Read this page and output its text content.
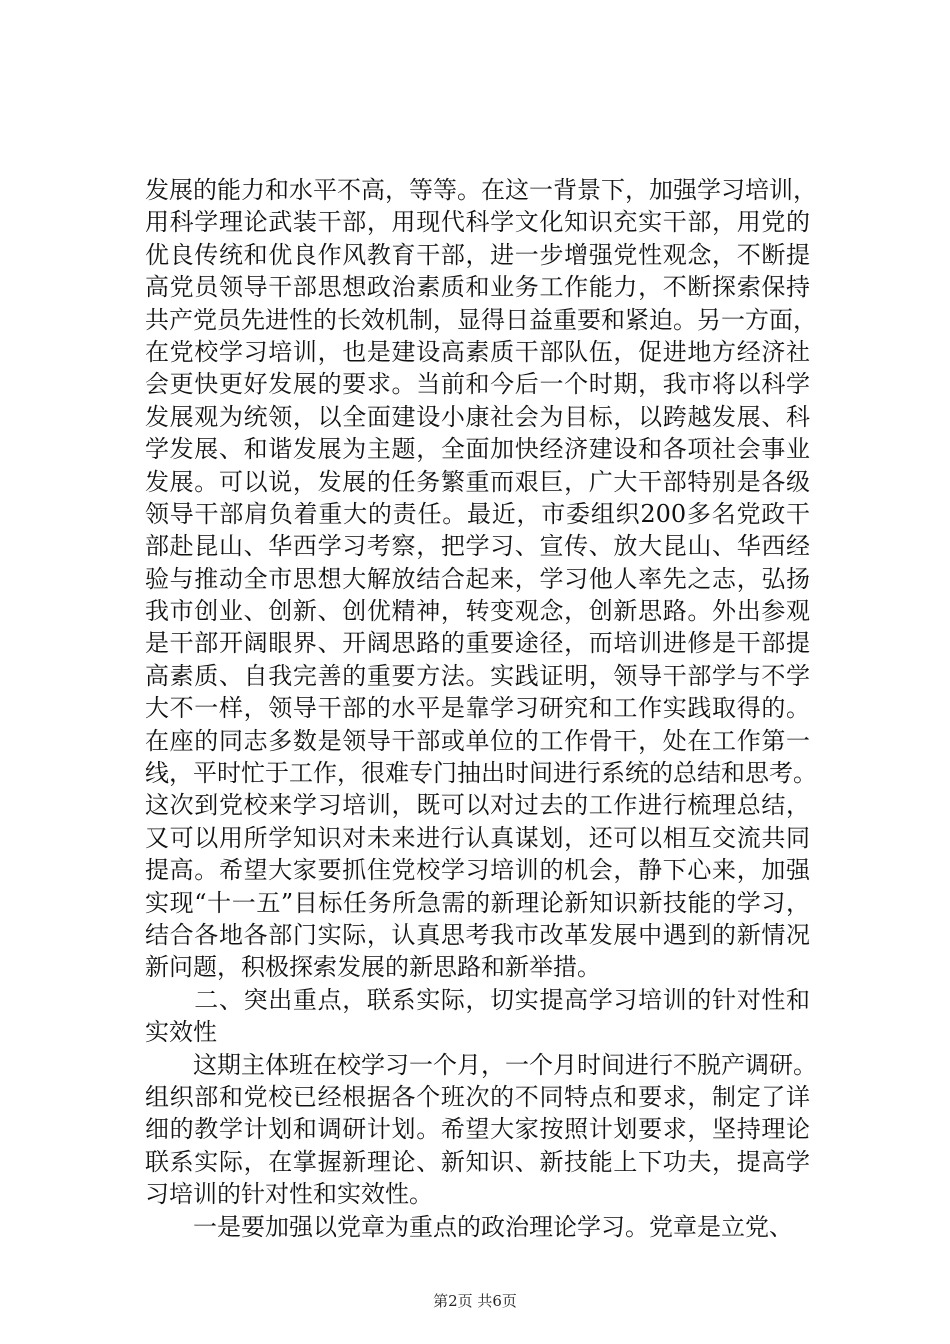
发展的能力和水平不高，等等。在这一背景下，加强学习培训，
用科学理论武装干部，用现代科学文化知识充实干部，用党的
优良传统和优良作风教育干部，进一步增强党性观念，不断提
高党员领导干部思想政治素质和业务工作能力，不断探索保持
共产党员先进性的长效机制，显得日益重要和紧迫。另一方面，
在党校学习培训，也是建设高素质干部队伍，促进地方经济社
会更快更好发展的要求。当前和今后一个时期，我市将以科学
发展观为统领，以全面建设小康社会为目标，以跨越发展、科
学发展、和谐发展为主题，全面加快经济建设和各项社会事业
发展。可以说，发展的任务繁重而艰巨，广大干部特别是各级
领导干部肩负着重大的责任。最近，市委组织200多名党政干
部赴昆山、华西学习考察，把学习、宣传、放大昆山、华西经
验与推动全市思想大解放结合起来，学习他人率先之志，弘扬
我市创业、创新、创优精神，转变观念，创新思路。外出参观
是干部开阔眼界、开阔思路的重要途径，而培训进修是干部提
高素质、自我完善的重要方法。实践证明，领导干部学与不学
大不一样，领导干部的水平是靠学习研究和工作实践取得的。
在座的同志多数是领导干部或单位的工作骨干，处在工作第一
线，平时忙于工作，很难专门抽出时间进行系统的总结和思考。
这次到党校来学习培训，既可以对过去的工作进行梳理总结，
又可以用所学知识对未来进行认真谋划，还可以相互交流共同
提高。希望大家要抓住党校学习培训的机会，静下心来，加强
实现“十一五”目标任务所急需的新理论新知识新技能的学习，
结合各地各部门实际，认真思考我市改革发展中遇到的新情况
新问题，积极探索发展的新思路和新举措。
　　二、突出重点，联系实际，切实提高学习培训的针对性和
实效性
　　这期主体班在校学习一个月，一个月时间进行不脱产调研。
组织部和党校已经根据各个班次的不同特点和要求，制定了详
细的教学计划和调研计划。希望大家按照计划要求，坚持理论
联系实际，在掌握新理论、新知识、新技能上下功夫，提高学
习培训的针对性和实效性。
　　一是要加强以党章为重点的政治理论学习。党章是立党、
第2页 共6页
